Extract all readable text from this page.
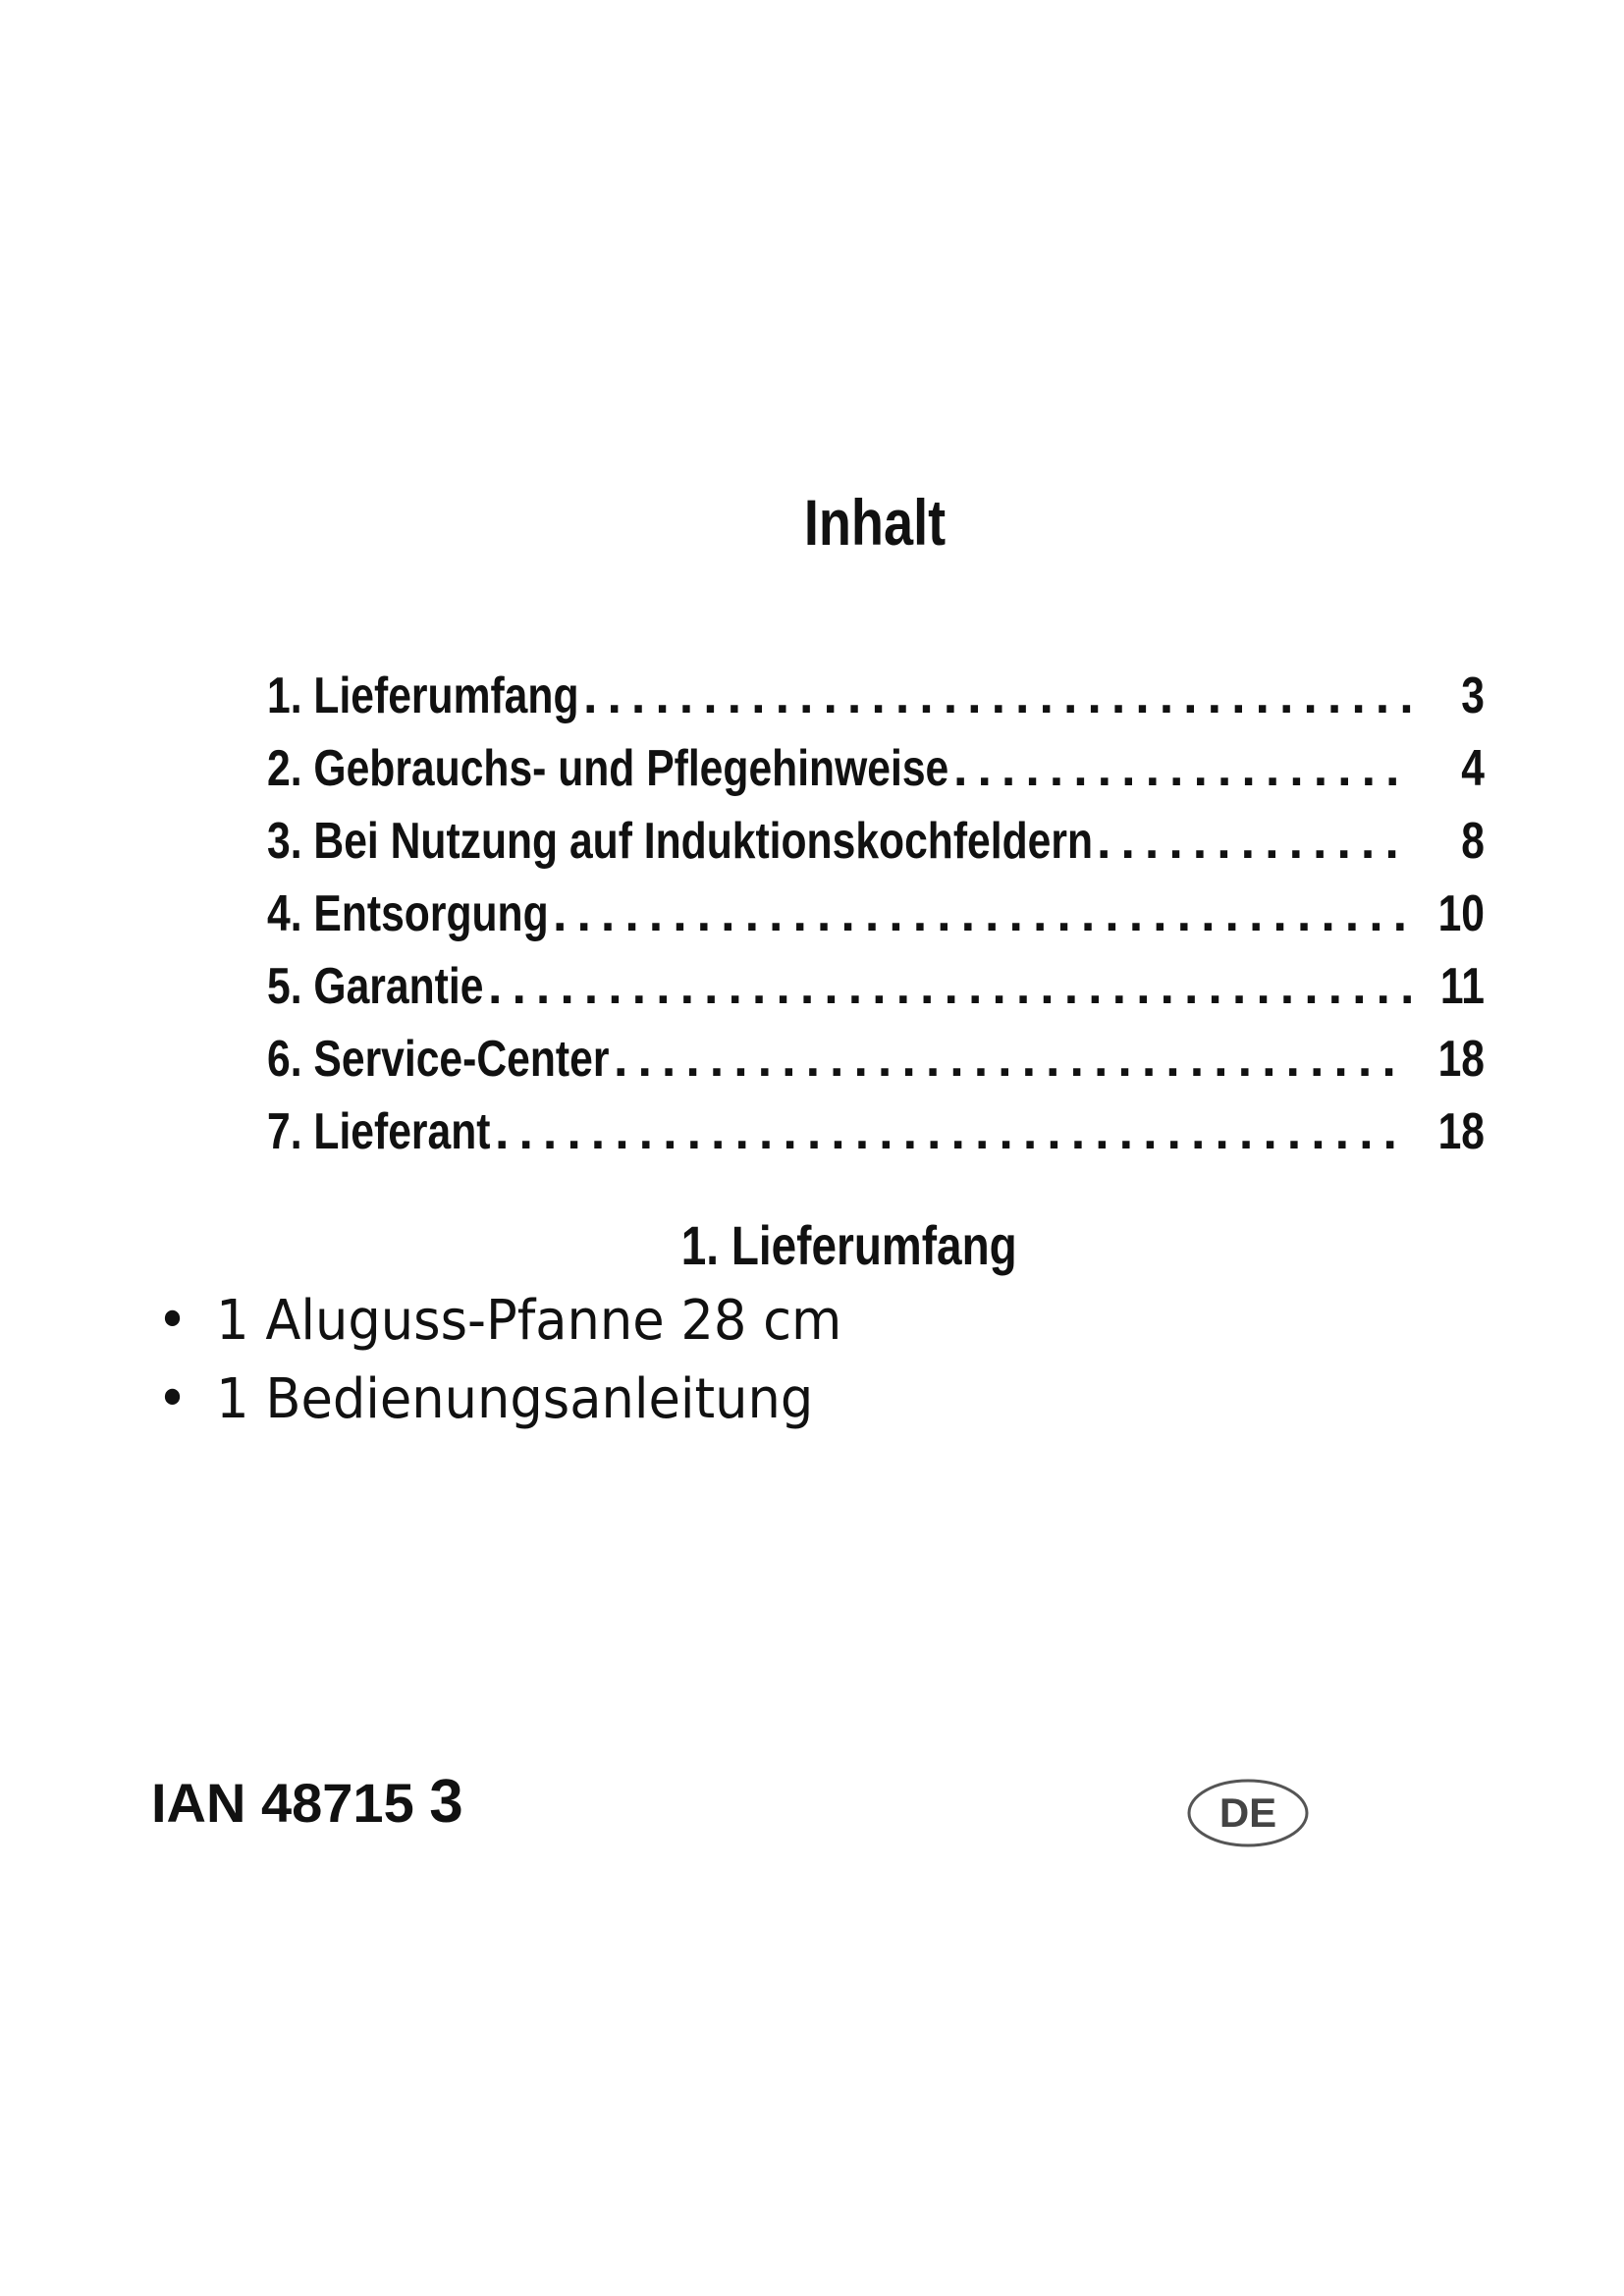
Inhalt
1. Lieferumfang ................................... 3
2. Gebrauchs- und Pflegehinweise ...................	4
3. Bei Nutzung auf Induktionskochfeldern .............	8
4. Entsorgung .................................... 10
5. Garantie ....................................... 11
6. Service-Center ................................. 18
7. Lieferant ...................................... 18
1. Lieferumfang
• 1 Aluguss-Pfanne 28 cm
• 1 Bedienungsanleitung
IAN 48715 3	DE
